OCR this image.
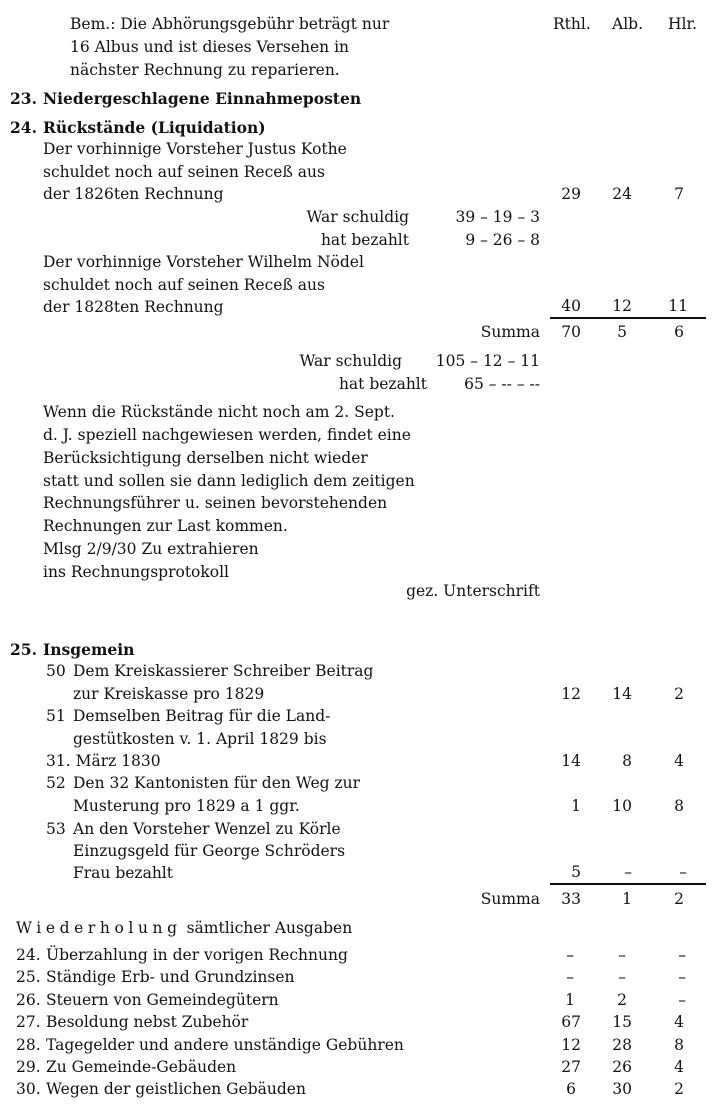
Rthl. Alb. Hlr.
Bem.: Die Abhörungsgebühr beträgt nur
16 Albus und ist dieses Versehen in
nächster Rechnung zu reparieren.
23. Niedergeschlagene Einnahmeposten
24. Rückstände (Liquidation)
Der vorhinnige Vorsteher Justus Kothe
schuldet noch auf seinen Receß aus
der 1826ten Rechnung	29 24	7
War schuldig	39 – 19 – 3
hat bezahlt	9 – 26 – 8
Der vorhinnige Vorsteher Wilhelm Nödel
schuldet noch auf seinen Receß aus
der 1828ten Rechnung	40 12 11
Summa 70 5	6
War schuldig 105 – 12 – 11
hat bezahlt 65 – -- – --
Wenn die Rückstände nicht noch am 2. Sept.
d. J. speziell nachgewiesen werden, findet eine
Berücksichtigung derselben nicht wieder
statt und sollen sie dann lediglich dem zeitigen
Rechnungsführer u. seinen bevorstehenden
Rechnungen zur Last kommen.
Mlsg 2/9/30 Zu extrahieren
ins Rechnungsprotokoll
gez. Unterschrift
25. Insgemein
50 Dem Kreiskassierer Schreiber Beitrag
zur Kreiskasse pro 1829	12 14	2
51 Demselben Beitrag für die Land-
gestütkosten v. 1. April 1829 bis
31. März 1830	14	8	4
52 Den 32 Kantonisten für den Weg zur
Musterung pro 1829 a 1 ggr.	1 10	8
53 An den Vorsteher Wenzel zu Körle
Einzugsgeld für George Schröders
Frau bezahlt	5	–	–
Summa 33	1	2
Wiederholung sämtlicher Ausgaben
24. Überzahlung in der vorigen Rechnung	–	–	–
25. Ständige Erb- und Grundzinsen	–	–	–
26. Steuern von Gemeindegütern	1	2	–
27. Besoldung nebst Zubehör	67 15	4
28. Tagegelder und andere unständige Gebühren	12 28	8
29. Zu Gemeinde-Gebäuden	27 26	4
30. Wegen der geistlichen Gebäuden	6 30	2
